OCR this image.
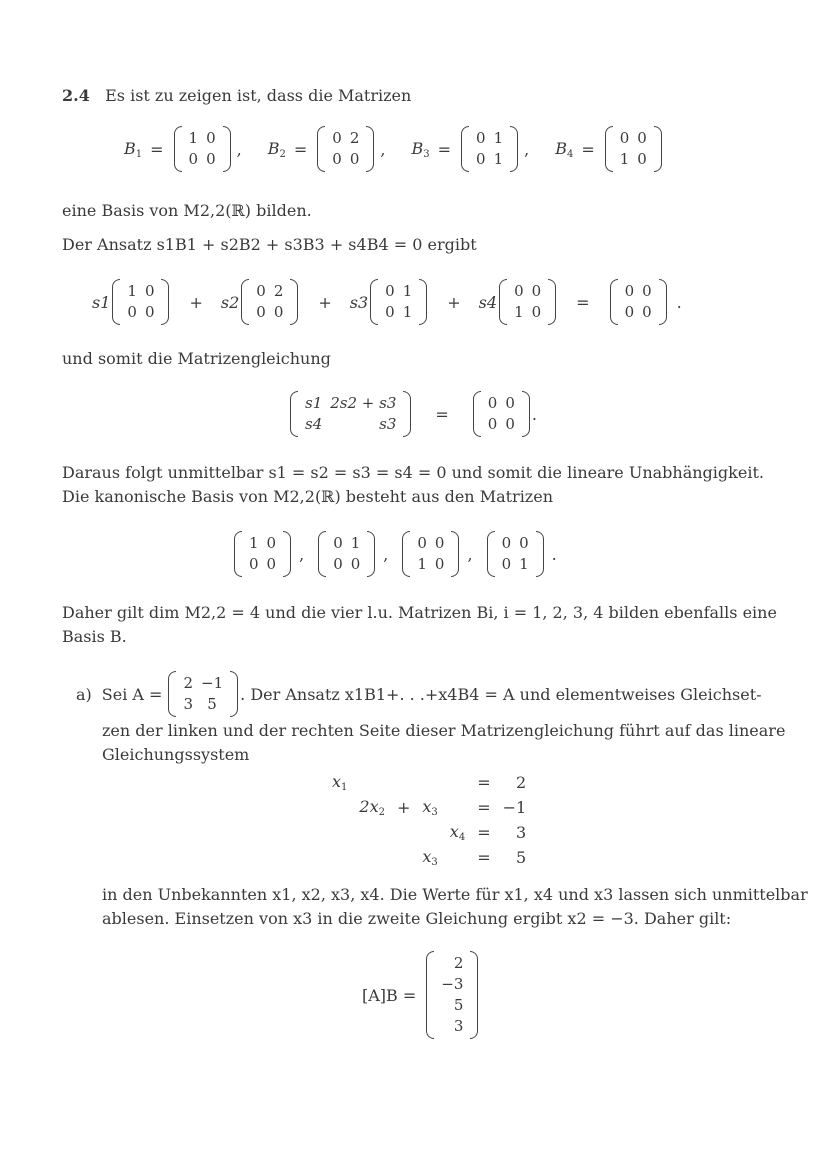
2.4 Es ist zu zeigen ist, dass die Matrizen
$B_1$ =
1	0
0	0
, $B_2$ =
0	2
0	0
, $B_3$ =
0	1
0	1
, $B_4$ =
0	0
1	0
eine Basis von M2,2(ℝ) bilden.
Der Ansatz s1B1 + s2B2 + s3B3 + s4B4 = 0 ergibt
s1
1	0
0	0
+ s2
0	2
0	0
+ s3
0	1
0	1
+ s4
0	0
1	0
=
0	0
0	0
.
und somit die Matrizengleichung
s1	2s2 + s3
s4	s3
=
0	0
0	0
.
Daraus folgt unmittelbar s1 = s2 = s3 = s4 = 0 und somit die lineare Unabhängigkeit.
Die kanonische Basis von M2,2(ℝ) besteht aus den Matrizen
1	0
0	0
,
0	1
0	0
,
0	0
1	0
,
0	0
0	1
.
Daher gilt dim M2,2 = 4 und die vier l.u. Matrizen Bi, i = 1, 2, 3, 4 bilden ebenfalls eine
Basis B.
a) Sei A =
2	−1
3	5
. Der Ansatz x1B1+. . .+x4B4 = A und elementweises Gleichset-
zen der linken und der rechten Seite dieser Matrizengleichung führt auf das lineare
Gleichungssystem
$x_1$					=	2
	$2x_2$	+	$x_3$		=	−1
				$x_4$	=	3
			$x_3$		=	5
in den Unbekannten x1, x2, x3, x4. Die Werte für x1, x4 und x3 lassen sich unmittelbar
ablesen. Einsetzen von x3 in die zweite Gleichung ergibt x2 = −3. Daher gilt:
[A]B =
2
−3
5
3
